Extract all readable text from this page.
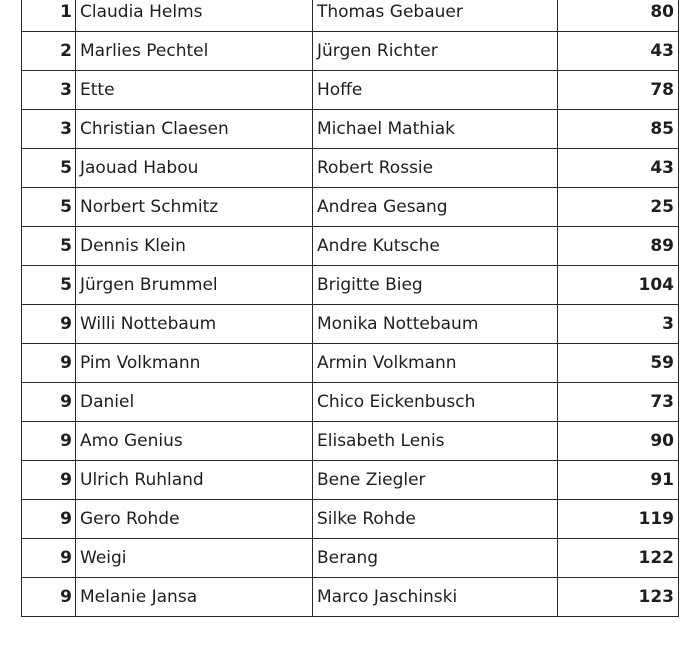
1	Claudia Helms	Thomas Gebauer	80
2	Marlies Pechtel	Jürgen Richter	43
3	Ette	Hoffe	78
3	Christian Claesen	Michael Mathiak	85
5	Jaouad Habou	Robert Rossie	43
5	Norbert Schmitz	Andrea Gesang	25
5	Dennis Klein	Andre Kutsche	89
5	Jürgen Brummel	Brigitte Bieg	104
9	Willi Nottebaum	Monika Nottebaum	3
9	Pim Volkmann	Armin Volkmann	59
9	Daniel	Chico Eickenbusch	73
9	Amo Genius	Elisabeth Lenis	90
9	Ulrich Ruhland	Bene Ziegler	91
9	Gero Rohde	Silke Rohde	119
9	Weigi	Berang	122
9	Melanie Jansa	Marco Jaschinski	123
